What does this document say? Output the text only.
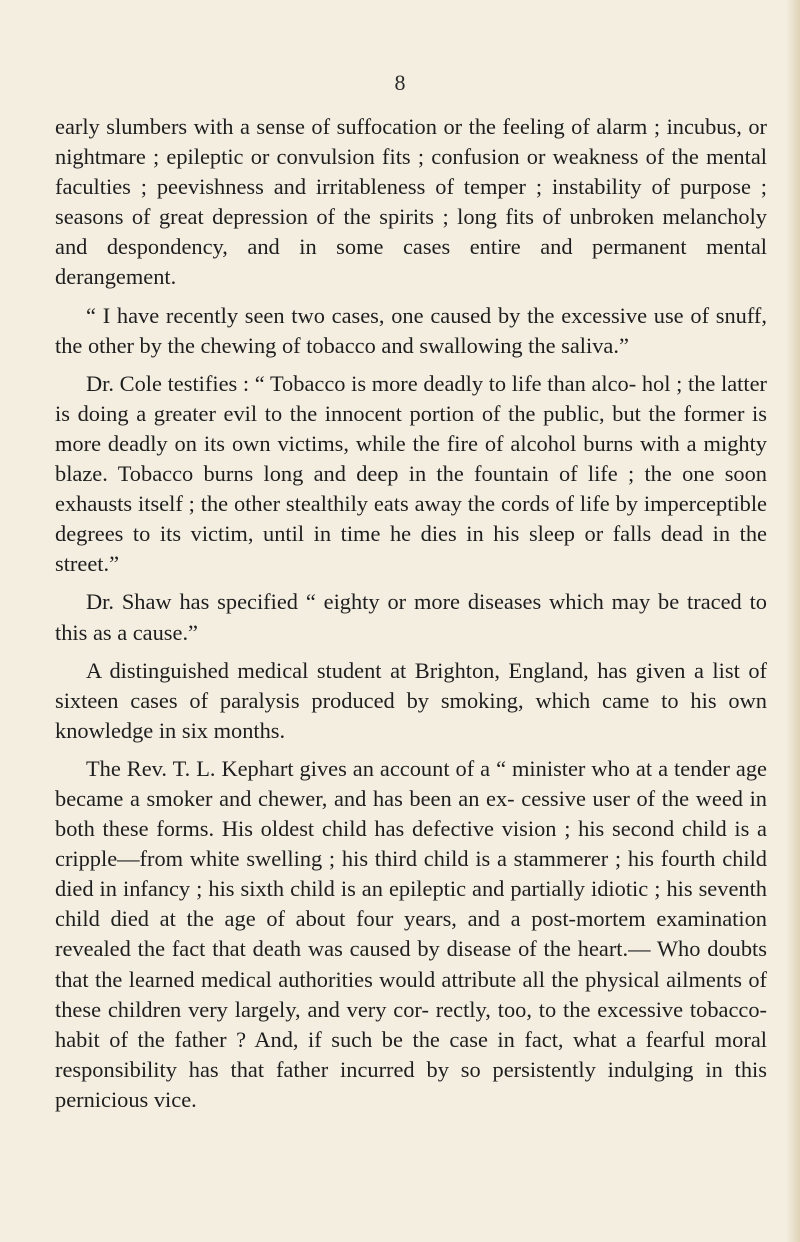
8

early slumbers with a sense of suffocation or the feeling of alarm ; incubus, or nightmare ; epileptic or convulsion fits ; confusion or weakness of the mental faculties ; peevishness and irritableness of temper ; instability of purpose ; seasons of great depression of the spirits ; long fits of unbroken melancholy and despondency, and in some cases entire and permanent mental derangement.

“ I have recently seen two cases, one caused by the excessive use of snuff, the other by the chewing of tobacco and swallowing the saliva.”

Dr. Cole testifies : “ Tobacco is more deadly to life than alco- hol ; the latter is doing a greater evil to the innocent portion of the public, but the former is more deadly on its own victims, while the fire of alcohol burns with a mighty blaze. Tobacco burns long and deep in the fountain of life ; the one soon exhausts itself ; the other stealthily eats away the cords of life by imperceptible degrees to its victim, until in time he dies in his sleep or falls dead in the street.”

Dr. Shaw has specified “ eighty or more diseases which may be traced to this as a cause.”

A distinguished medical student at Brighton, England, has given a list of sixteen cases of paralysis produced by smoking, which came to his own knowledge in six months.

The Rev. T. L. Kephart gives an account of a “ minister who at a tender age became a smoker and chewer, and has been an ex- cessive user of the weed in both these forms. His oldest child has defective vision ; his second child is a cripple—from white swelling ; his third child is a stammerer ; his fourth child died in infancy ; his sixth child is an epileptic and partially idiotic ; his seventh child died at the age of about four years, and a post-mortem examination revealed the fact that death was caused by disease of the heart.— Who doubts that the learned medical authorities would attribute all the physical ailments of these children very largely, and very cor- rectly, too, to the excessive tobacco-habit of the father ? And, if such be the case in fact, what a fearful moral responsibility has that father incurred by so persistently indulging in this pernicious vice.
